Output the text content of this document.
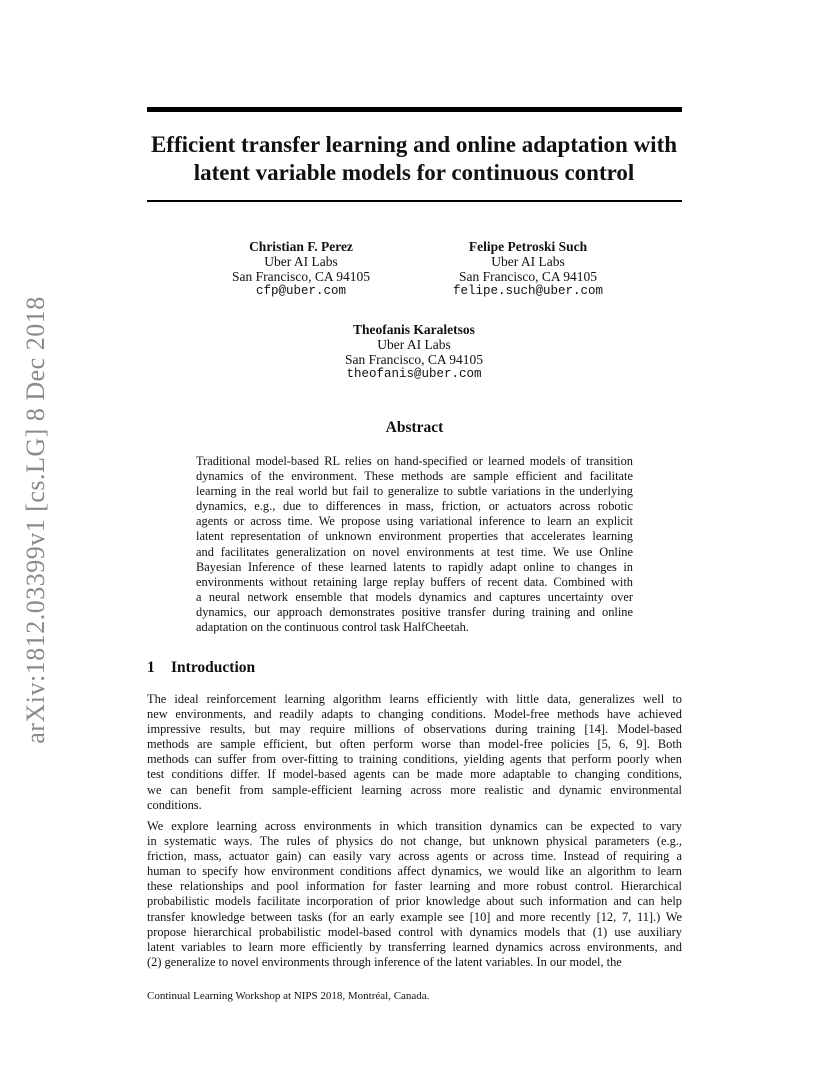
arXiv:1812.03399v1 [cs.LG] 8 Dec 2018
Efficient transfer learning and online adaptation with
latent variable models for continuous control
Christian F. Perez
Uber AI Labs
San Francisco, CA 94105
cfp@uber.com
Felipe Petroski Such
Uber AI Labs
San Francisco, CA 94105
felipe.such@uber.com
Theofanis Karaletsos
Uber AI Labs
San Francisco, CA 94105
theofanis@uber.com
Abstract
Traditional model-based RL relies on hand-specified or learned models of transition
dynamics of the environment. These methods are sample efficient and facilitate
learning in the real world but fail to generalize to subtle variations in the underlying
dynamics, e.g., due to differences in mass, friction, or actuators across robotic
agents or across time. We propose using variational inference to learn an explicit
latent representation of unknown environment properties that accelerates learning
and facilitates generalization on novel environments at test time. We use Online
Bayesian Inference of these learned latents to rapidly adapt online to changes in
environments without retaining large replay buffers of recent data. Combined with
a neural network ensemble that models dynamics and captures uncertainty over
dynamics, our approach demonstrates positive transfer during training and online
adaptation on the continuous control task HalfCheetah.
1 Introduction
The ideal reinforcement learning algorithm learns efficiently with little data, generalizes well to
new environments, and readily adapts to changing conditions. Model-free methods have achieved
impressive results, but may require millions of observations during training [14]. Model-based
methods are sample efficient, but often perform worse than model-free policies [5, 6, 9]. Both
methods can suffer from over-fitting to training conditions, yielding agents that perform poorly when
test conditions differ. If model-based agents can be made more adaptable to changing conditions,
we can benefit from sample-efficient learning across more realistic and dynamic environmental
conditions.
We explore learning across environments in which transition dynamics can be expected to vary
in systematic ways. The rules of physics do not change, but unknown physical parameters (e.g.,
friction, mass, actuator gain) can easily vary across agents or across time. Instead of requiring a
human to specify how environment conditions affect dynamics, we would like an algorithm to learn
these relationships and pool information for faster learning and more robust control. Hierarchical
probabilistic models facilitate incorporation of prior knowledge about such information and can help
transfer knowledge between tasks (for an early example see [10] and more recently [12, 7, 11].) We
propose hierarchical probabilistic model-based control with dynamics models that (1) use auxiliary
latent variables to learn more efficiently by transferring learned dynamics across environments, and
(2) generalize to novel environments through inference of the latent variables. In our model, the
Continual Learning Workshop at NIPS 2018, Montréal, Canada.
